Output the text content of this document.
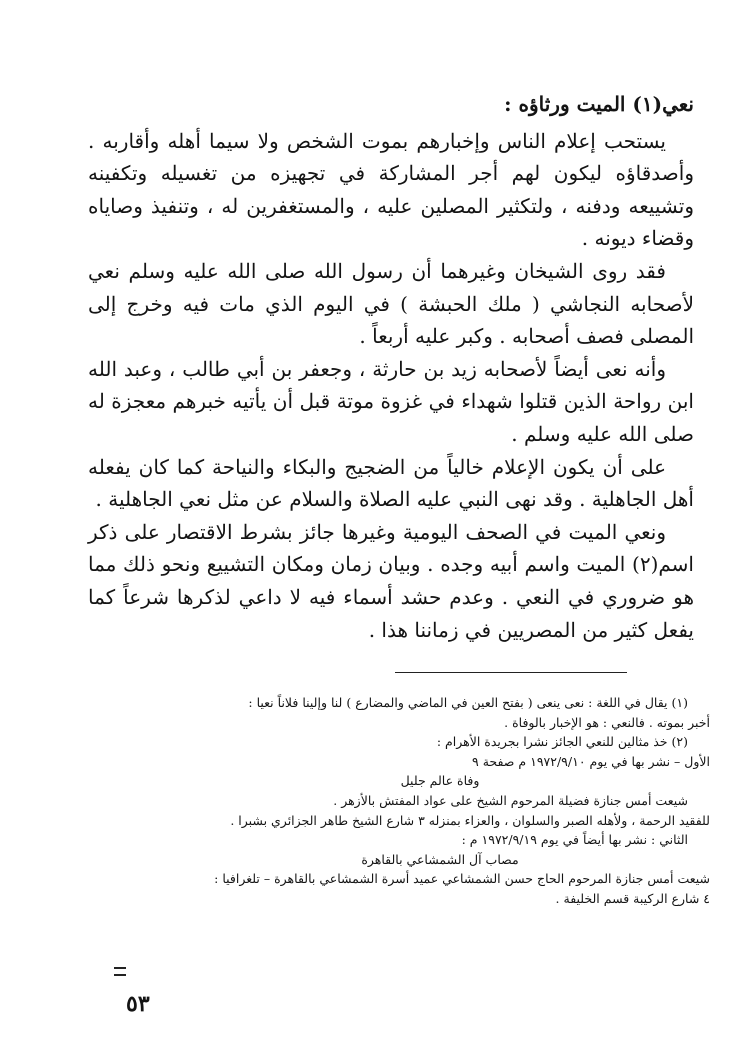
نعي(١) الميت ورثاؤه :

يستحب إعلام الناس وإخبارهم بموت الشخص ولا سيما أهله وأقاربه . وأصدقاؤه ليكون لهم أجر المشاركة في تجهيزه من تغسيله وتكفينه وتشييعه ودفنه ، ولتكثير المصلين عليه ، والمستغفرين له ، وتنفيذ وصاياه وقضاء ديونه .

فقد روى الشيخان وغيرهما أن رسول الله صلى الله عليه وسلم نعي لأصحابه النجاشي ( ملك الحبشة ) في اليوم الذي مات فيه وخرج إلى المصلى فصف أصحابه . وكبر عليه أربعاً .

وأنه نعى أيضاً لأصحابه زيد بن حارثة ، وجعفر بن أبي طالب ، وعبد الله ابن رواحة الذين قتلوا شهداء في غزوة موتة قبل أن يأتيه خبرهم معجزة له صلى الله عليه وسلم .

على أن يكون الإعلام خالياً من الضجيج والبكاء والنياحة كما كان يفعله أهل الجاهلية . وقد نهى النبي عليه الصلاة والسلام عن مثل نعي الجاهلية .

ونعي الميت في الصحف اليومية وغيرها جائز بشرط الاقتصار على ذكر اسم(٢) الميت واسم أبيه وجده . وبيان زمان ومكان التشييع ونحو ذلك مما هو ضروري في النعي . وعدم حشد أسماء فيه لا داعي لذكرها شرعاً كما يفعل كثير من المصريين في زماننا هذا .

(١) يقال في اللغة : نعى ينعى ( بفتح العين في الماضي والمضارع ) لنا وإلينا فلاناً نعيا :

أخبر بموته . فالنعي : هو الإخبار بالوفاة .

(٢) خذ مثالين للنعي الجائز نشرا بجريدة الأهرام :

الأول – نشر بها في يوم ١٩٧٢/٩/١٠ م صفحة ٩

وفاة عالم جليل

شيعت أمس جنازة فضيلة المرحوم الشيخ على عواد المفتش بالأزهر .

للفقيد الرحمة ، ولأهله الصبر والسلوان ، والعزاء بمنزله ٣ شارع الشيخ طاهر الجزائري بشبرا .

الثاني : نشر بها أيضاً في يوم ١٩٧٢/٩/١٩ م :

مصاب آل الشمشاعي بالقاهرة

شيعت أمس جنازة المرحوم الحاج حسن الشمشاعي عميد أسرة الشمشاعي بالقاهرة – تلغرافيا :

٤ شارع الركيبة قسم الخليفة .

٥٣
